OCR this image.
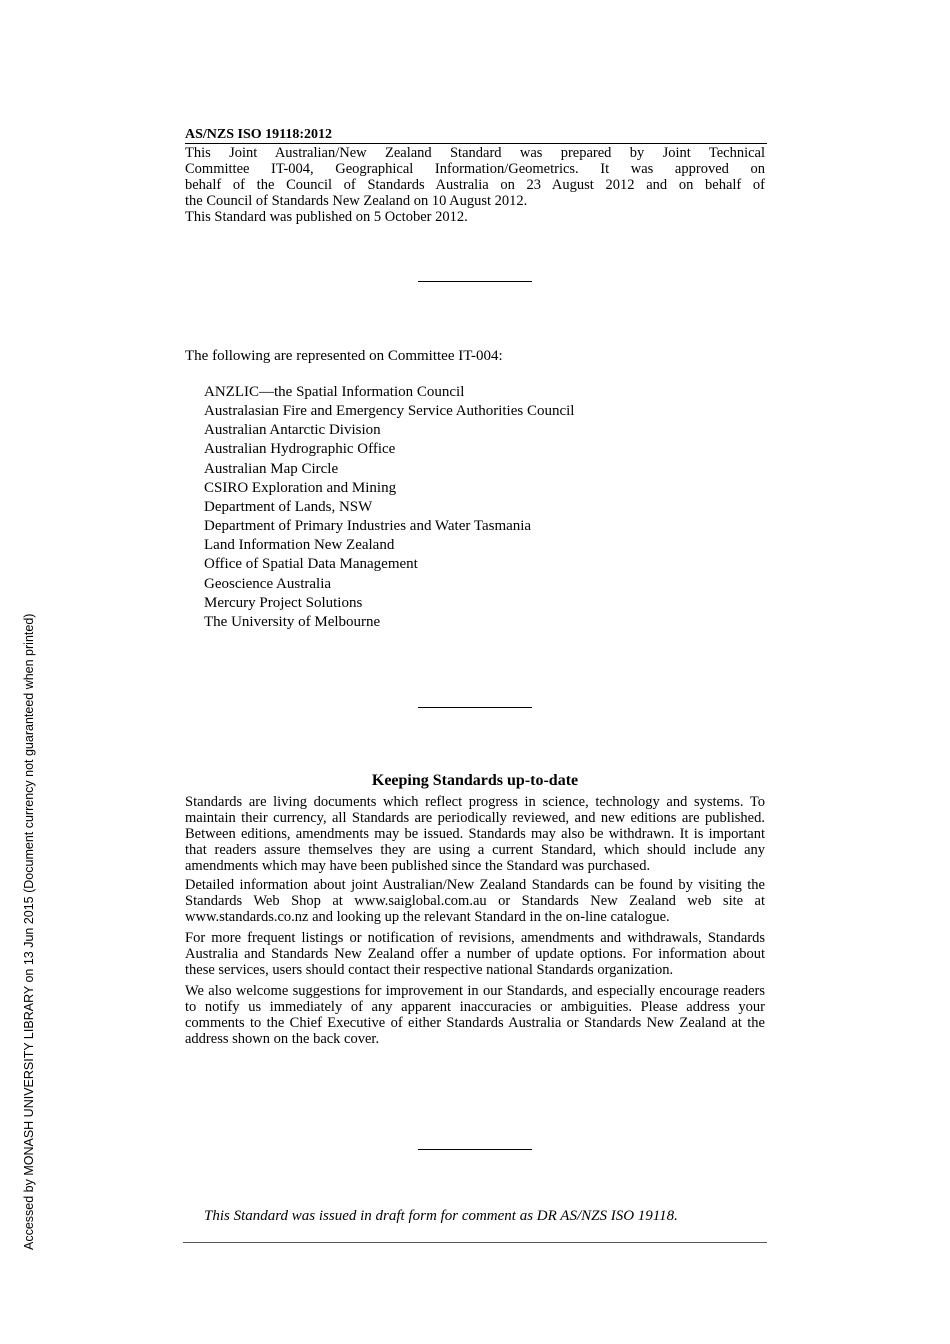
AS/NZS ISO 19118:2012

This Joint Australian/New Zealand Standard was prepared by Joint Technical

Committee IT-004, Geographical Information/Geometrics. It was approved on

behalf of the Council of Standards Australia on 23 August 2012 and on behalf of

the Council of Standards New Zealand on 10 August 2012.

This Standard was published on 5 October 2012.

The following are represented on Committee IT-004:
ANZLIC—the Spatial Information Council
Australasian Fire and Emergency Service Authorities Council
Australian Antarctic Division
Australian Hydrographic Office
Australian Map Circle
CSIRO Exploration and Mining
Department of Lands, NSW
Department of Primary Industries and Water Tasmania
Land Information New Zealand
Office of Spatial Data Management
Geoscience Australia
Mercury Project Solutions
The University of Melbourne
Keeping Standards up-to-date

Standards are living documents which reflect progress in science, technology and systems. To maintain their currency, all Standards are periodically reviewed, and new editions are published. Between editions, amendments may be issued. Standards may also be withdrawn. It is important that readers assure themselves they are using a current Standard, which should include any amendments which may have been published since the Standard was purchased.

Detailed information about joint Australian/New Zealand Standards can be found by visiting the Standards Web Shop at www.saiglobal.com.au or Standards New Zealand web site at www.standards.co.nz and looking up the relevant Standard in the on-line catalogue.

For more frequent listings or notification of revisions, amendments and withdrawals, Standards Australia and Standards New Zealand offer a number of update options. For information about these services, users should contact their respective national Standards organization.

We also welcome suggestions for improvement in our Standards, and especially encourage readers to notify us immediately of any apparent inaccuracies or ambiguities. Please address your comments to the Chief Executive of either Standards Australia or Standards New Zealand at the address shown on the back cover.

This Standard was issued in draft form for comment as DR AS/NZS ISO 19118.
Accessed by MONASH UNIVERSITY LIBRARY on 13 Jun 2015 (Document currency not guaranteed when printed)
